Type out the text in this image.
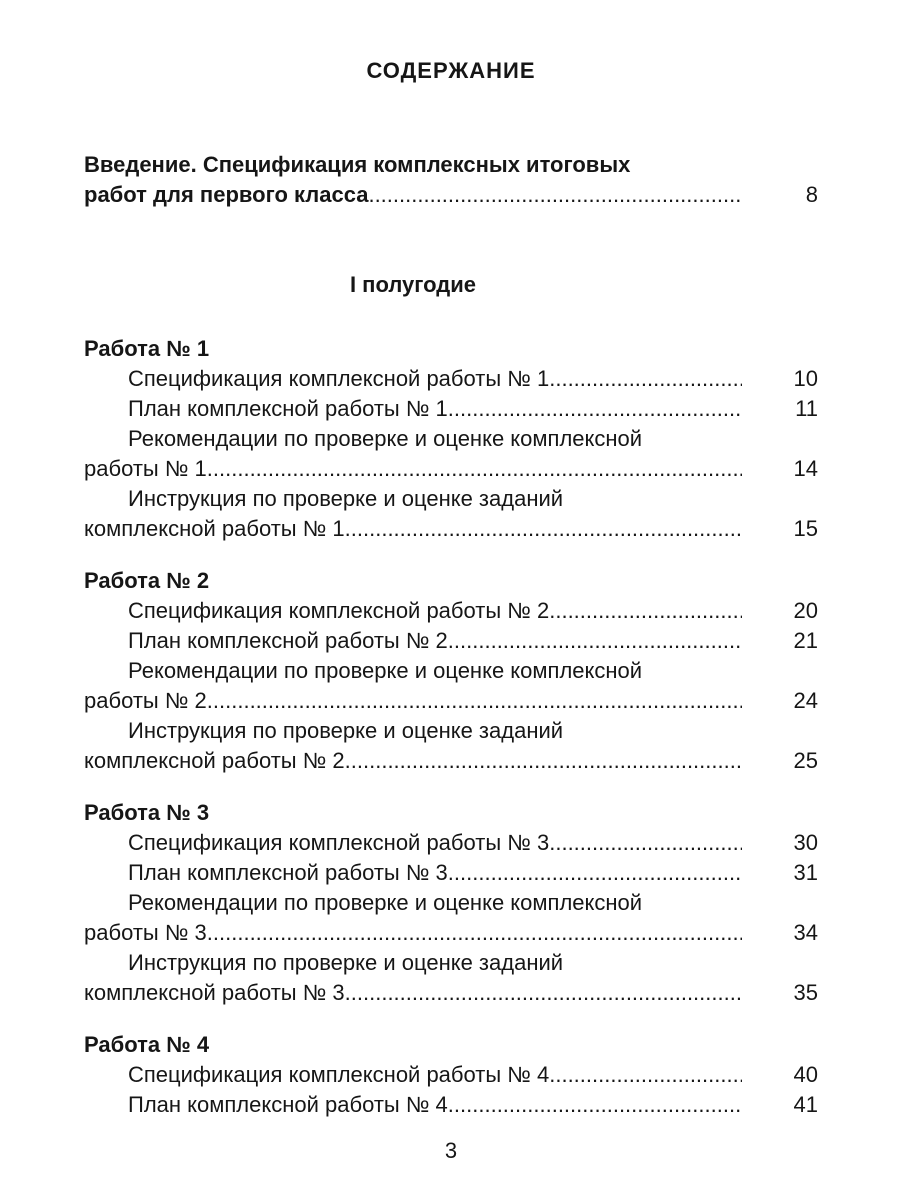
СОДЕРЖАНИЕ
Введение. Спецификация комплексных итоговых
работ для первого класса .....	8
I полугодие
Работа № 1
Спецификация комплексной работы № 1 .....	10
План комплексной работы № 1 .....	11
Рекомендации по проверке и оценке комплексной
работы № 1 .....	14
Инструкция по проверке и оценке заданий
комплексной работы № 1 .....	15
Работа № 2
Спецификация комплексной работы № 2 .....	20
План комплексной работы № 2 .....	21
Рекомендации по проверке и оценке комплексной
работы № 2 .....	24
Инструкция по проверке и оценке заданий
комплексной работы № 2 .....	25
Работа № 3
Спецификация комплексной работы № 3 .....	30
План комплексной работы № 3 .....	31
Рекомендации по проверке и оценке комплексной
работы № 3 .....	34
Инструкция по проверке и оценке заданий
комплексной работы № 3 .....	35
Работа № 4
Спецификация комплексной работы № 4 .....	40
План комплексной работы № 4 .....	41
3
